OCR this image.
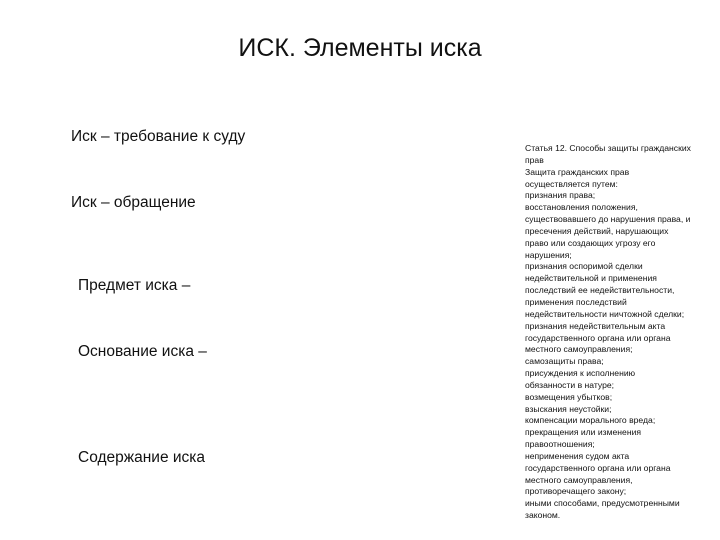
ИСК. Элементы иска
Иск – требование к суду
Иск – обращение
Предмет иска –
Основание иска –
Содержание иска
Статья 12. Способы защиты гражданских
прав
Защита гражданских прав
осуществляется путем:
признания права;
восстановления положения,
существовавшего до нарушения права, и
пресечения действий, нарушающих
право или создающих угрозу его
нарушения;
признания оспоримой сделки
недействительной и применения
последствий ее недействительности,
применения последствий
недействительности ничтожной сделки;
признания недействительным акта
государственного органа или органа
местного самоуправления;
самозащиты права;
присуждения к исполнению
обязанности в натуре;
возмещения убытков;
взыскания неустойки;
компенсации морального вреда;
прекращения или изменения
правоотношения;
неприменения судом акта
государственного органа или органа
местного самоуправления,
противоречащего закону;
иными способами, предусмотренными
законом.
